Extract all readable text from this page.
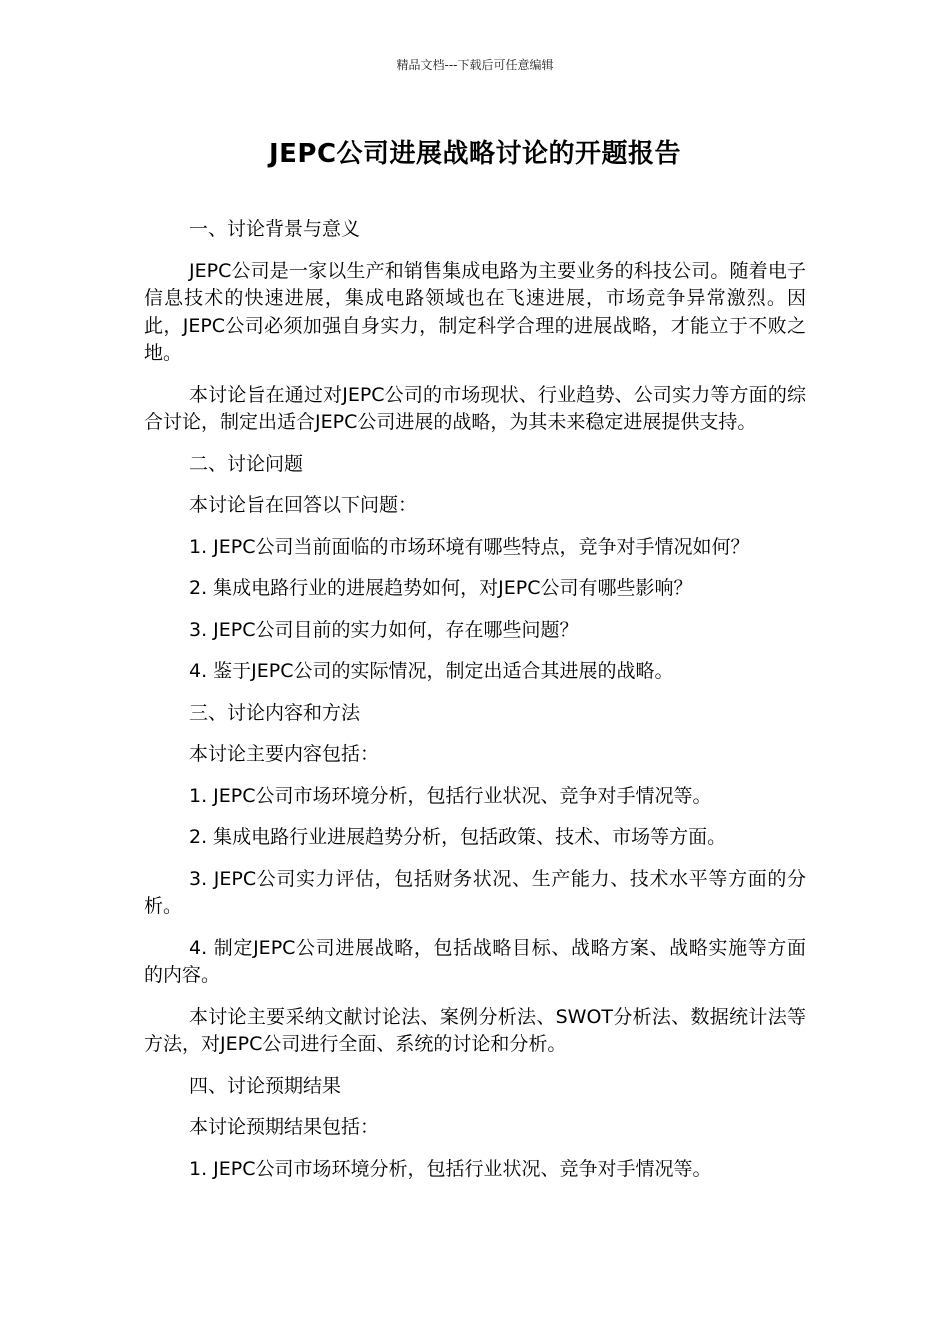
精品文档---下载后可任意编辑
JEPC公司进展战略讨论的开题报告

一、讨论背景与意义

JEPC公司是一家以生产和销售集成电路为主要业务的科技公司。随着电子信息技术的快速进展，集成电路领域也在飞速进展，市场竞争异常激烈。因此，JEPC公司必须加强自身实力，制定科学合理的进展战略，才能立于不败之地。

本讨论旨在通过对JEPC公司的市场现状、行业趋势、公司实力等方面的综合讨论，制定出适合JEPC公司进展的战略，为其未来稳定进展提供支持。

二、讨论问题

本讨论旨在回答以下问题：

1. JEPC公司当前面临的市场环境有哪些特点，竞争对手情况如何？

2. 集成电路行业的进展趋势如何，对JEPC公司有哪些影响？

3. JEPC公司目前的实力如何，存在哪些问题？

4. 鉴于JEPC公司的实际情况，制定出适合其进展的战略。

三、讨论内容和方法

本讨论主要内容包括：

1. JEPC公司市场环境分析，包括行业状况、竞争对手情况等。

2. 集成电路行业进展趋势分析，包括政策、技术、市场等方面。

3. JEPC公司实力评估，包括财务状况、生产能力、技术水平等方面的分析。

4. 制定JEPC公司进展战略，包括战略目标、战略方案、战略实施等方面的内容。

本讨论主要采纳文献讨论法、案例分析法、SWOT分析法、数据统计法等方法，对JEPC公司进行全面、系统的讨论和分析。

四、讨论预期结果

本讨论预期结果包括：

1. JEPC公司市场环境分析，包括行业状况、竞争对手情况等。
